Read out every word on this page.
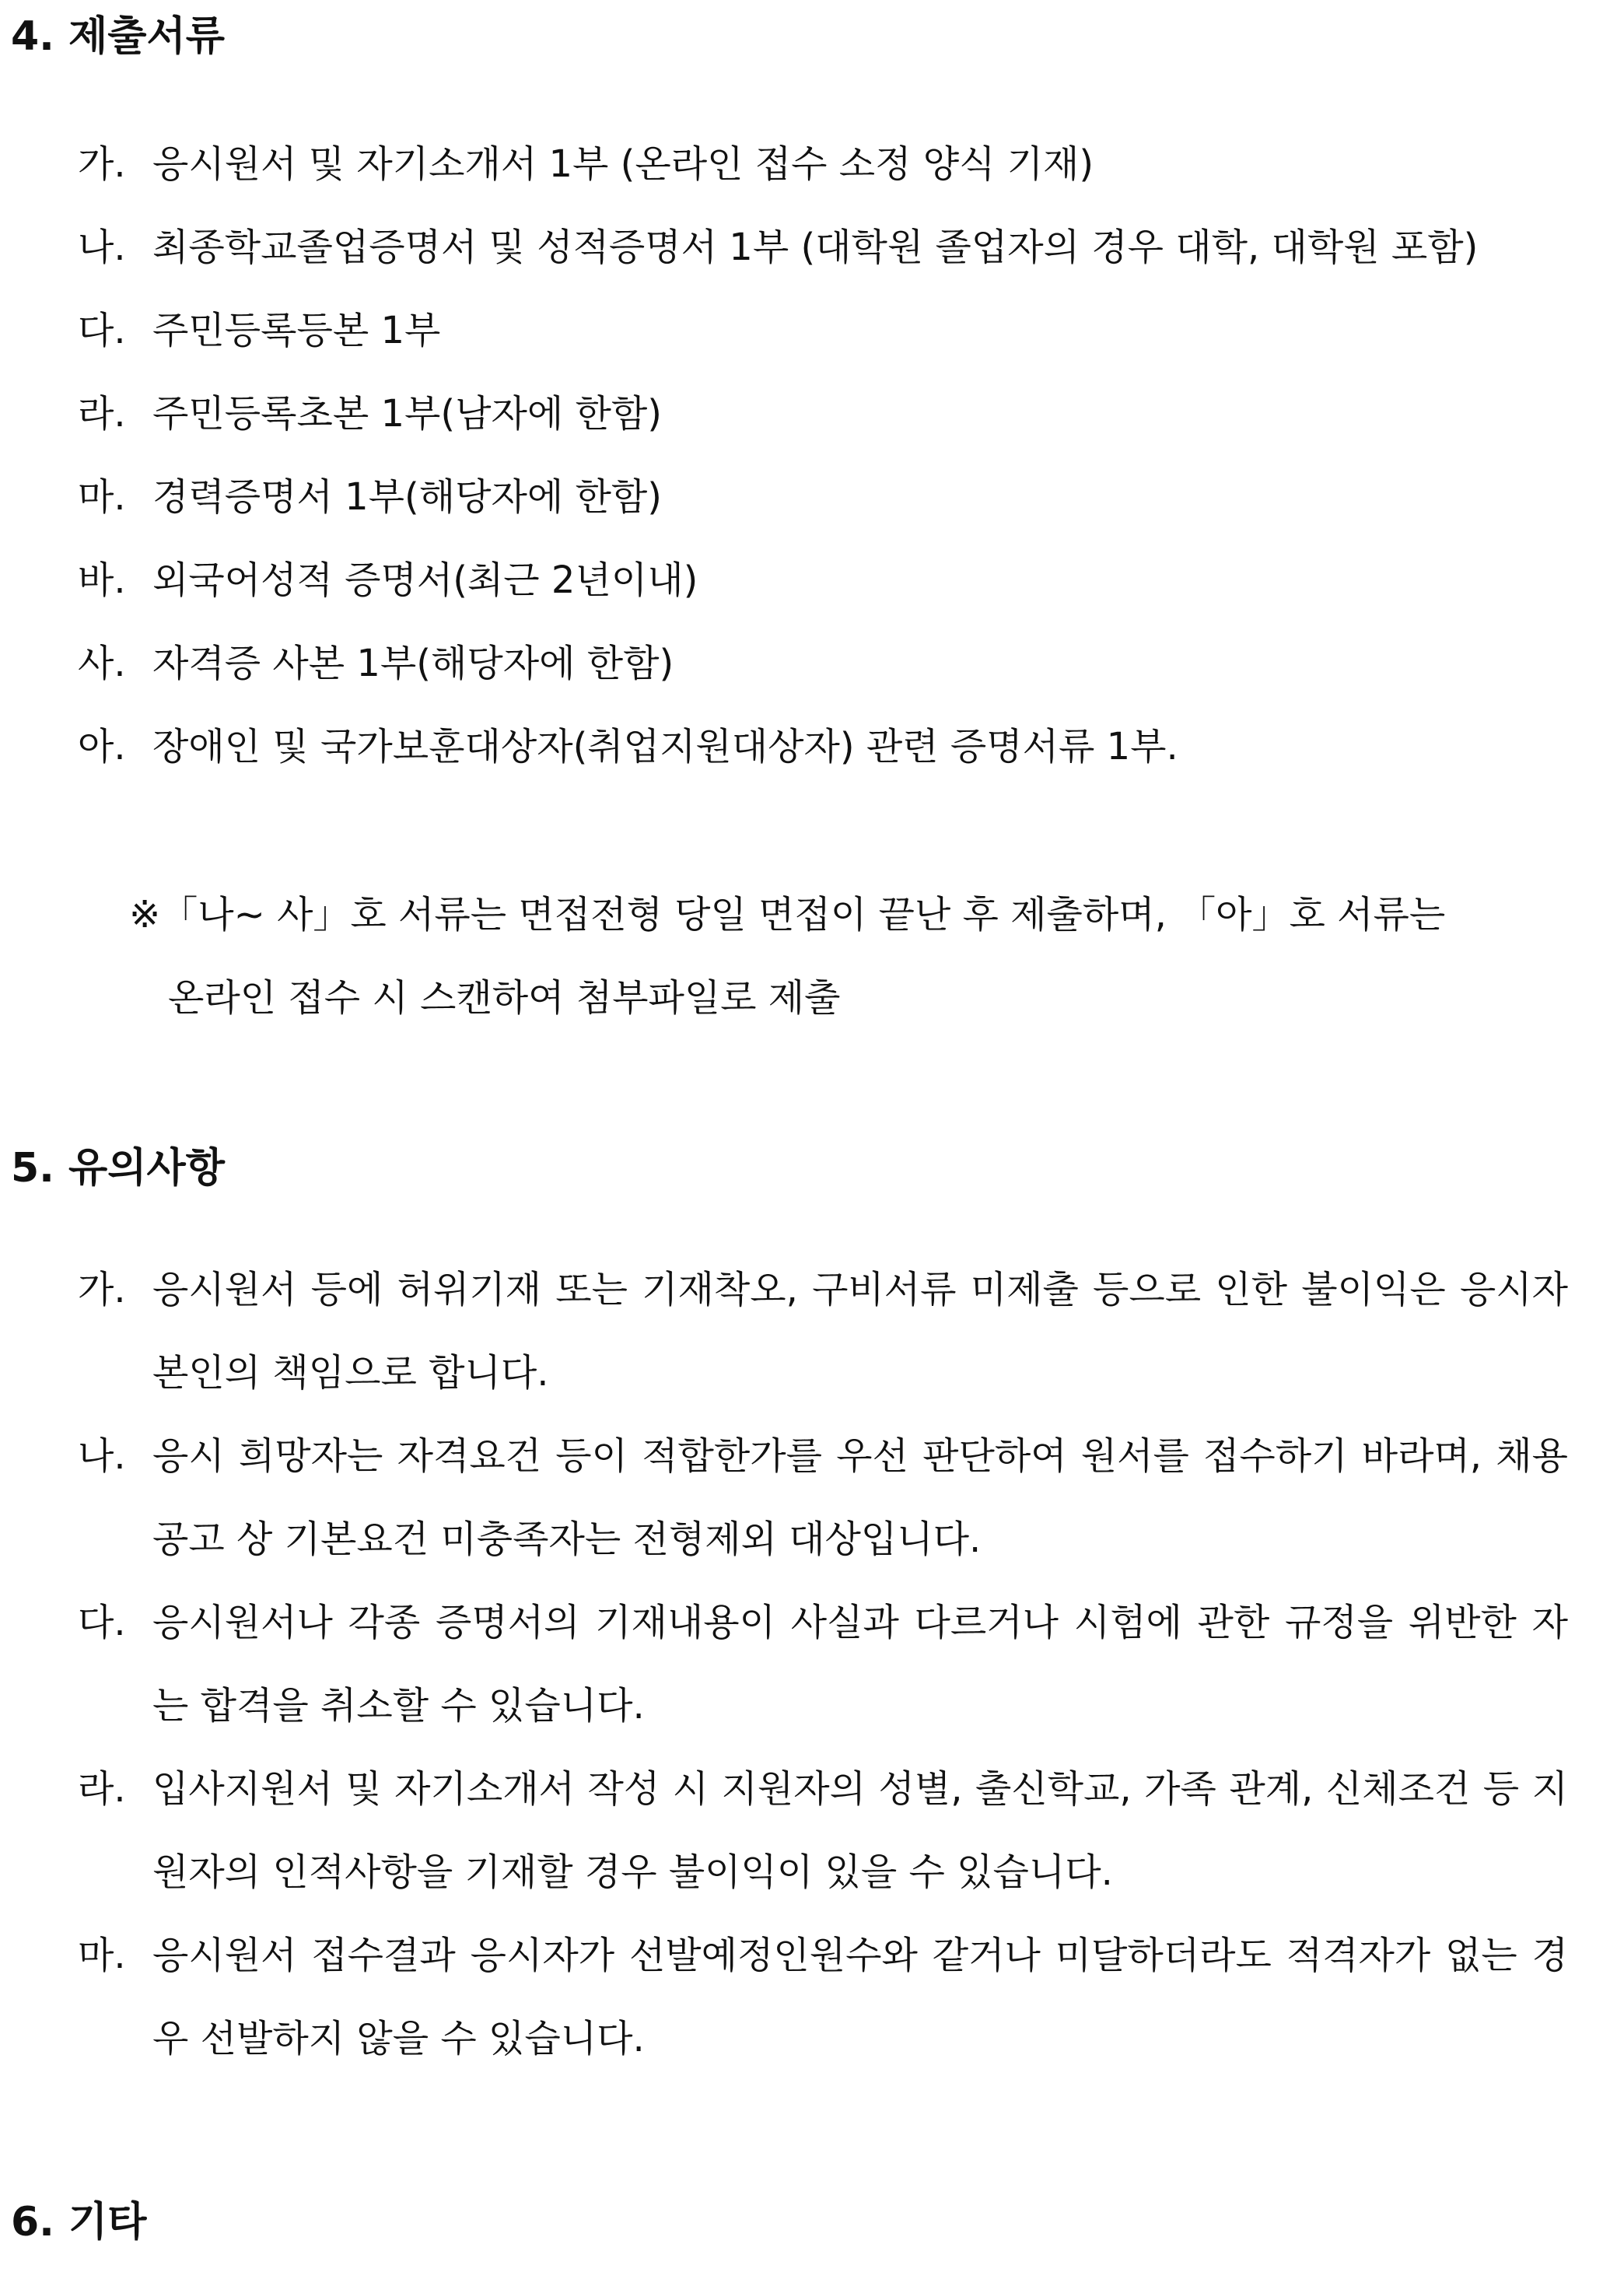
4. 제출서류
가. 응시원서 및 자기소개서 1부 (온라인 접수 소정 양식 기재)
나. 최종학교졸업증명서 및 성적증명서 1부 (대학원 졸업자의 경우 대학, 대학원 포함)
다. 주민등록등본 1부
라. 주민등록초본 1부(남자에 한함)
마. 경력증명서 1부(해당자에 한함)
바. 외국어성적 증명서(최근 2년이내)
사. 자격증 사본 1부(해당자에 한함)
아. 장애인 및 국가보훈대상자(취업지원대상자) 관련 증명서류 1부.
※「나~ 사」호 서류는 면접전형 당일 면접이 끝난 후 제출하며, 「아」호 서류는
온라인 접수 시 스캔하여 첨부파일로 제출
5. 유의사항
가. 응시원서 등에 허위기재 또는 기재착오, 구비서류 미제출 등으로 인한 불이익은 응시자 본인의 책임으로 합니다.
나. 응시 희망자는 자격요건 등이 적합한가를 우선 판단하여 원서를 접수하기 바라며, 채용공고 상 기본요건 미충족자는 전형제외 대상입니다.
다. 응시원서나 각종 증명서의 기재내용이 사실과 다르거나 시험에 관한 규정을 위반한 자는 합격을 취소할 수 있습니다.
라. 입사지원서 및 자기소개서 작성 시 지원자의 성별, 출신학교, 가족 관계, 신체조건 등 지원자의 인적사항을 기재할 경우 불이익이 있을 수 있습니다.
마. 응시원서 접수결과 응시자가 선발예정인원수와 같거나 미달하더라도 적격자가 없는 경우 선발하지 않을 수 있습니다.
6. 기타
